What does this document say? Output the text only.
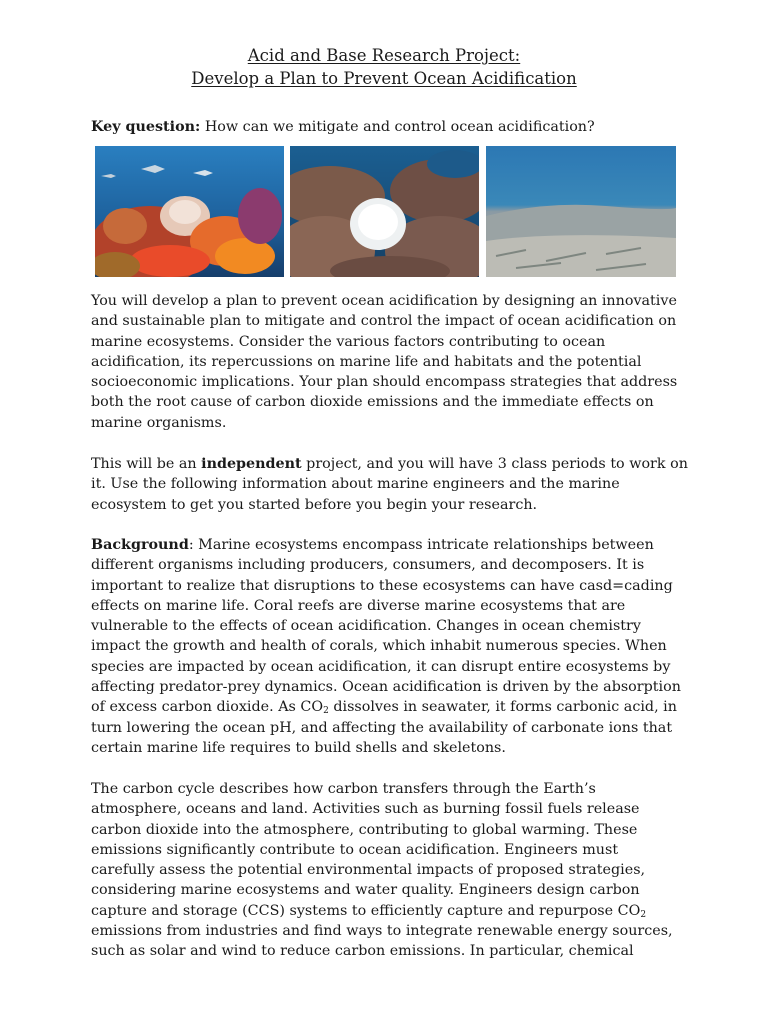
Acid and Base Research Project:
Develop a Plan to Prevent Ocean Acidification
Key question: How can we mitigate and control ocean acidification?
You will develop a plan to prevent ocean acidification by designing an innovative
and sustainable plan to mitigate and control the impact of ocean acidification on
marine ecosystems. Consider the various factors contributing to ocean
acidification, its repercussions on marine life and habitats and the potential
socioeconomic implications. Your plan should encompass strategies that address
both the root cause of carbon dioxide emissions and the immediate effects on
marine organisms.
This will be an independent project, and you will have 3 class periods to work on
it. Use the following information about marine engineers and the marine
ecosystem to get you started before you begin your research.
Background: Marine ecosystems encompass intricate relationships between
different organisms including producers, consumers, and decomposers. It is
important to realize that disruptions to these ecosystems can have casd=cading
effects on marine life. Coral reefs are diverse marine ecosystems that are
vulnerable to the effects of ocean acidification. Changes in ocean chemistry
impact the growth and health of corals, which inhabit numerous species. When
species are impacted by ocean acidification, it can disrupt entire ecosystems by
affecting predator-prey dynamics. Ocean acidification is driven by the absorption
of excess carbon dioxide. As $CO_2$ dissolves in seawater, it forms carbonic acid, in
turn lowering the ocean pH, and affecting the availability of carbonate ions that
certain marine life requires to build shells and skeletons.
The carbon cycle describes how carbon transfers through the Earth’s
atmosphere, oceans and land. Activities such as burning fossil fuels release
carbon dioxide into the atmosphere, contributing to global warming. These
emissions significantly contribute to ocean acidification. Engineers must
carefully assess the potential environmental impacts of proposed strategies,
considering marine ecosystems and water quality. Engineers design carbon
capture and storage (CCS) systems to efficiently capture and repurpose $CO_2$
emissions from industries and find ways to integrate renewable energy sources,
such as solar and wind to reduce carbon emissions. In particular, chemical
